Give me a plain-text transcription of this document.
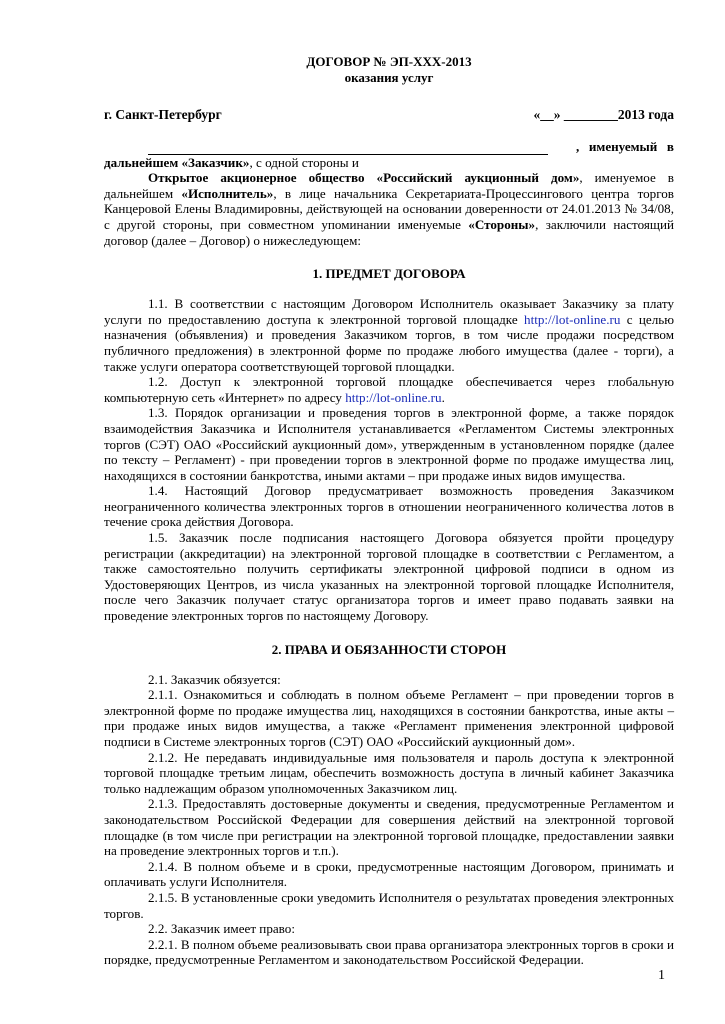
ДОГОВОР № ЭП-XXX-2013
оказания услуг
г. Санкт-Петербург	«__» ________2013 года
, именуемый в

дальнейшем «Заказчик», с одной стороны и

Открытое акционерное общество «Российский аукционный дом», именуемое в дальнейшем «Исполнитель», в лице начальника Секретариата-Процессингового центра торгов Канцеровой Елены Владимировны, действующей на основании доверенности от 24.01.2013 № 34/08, с другой стороны, при совместном упоминании именуемые «Стороны», заключили настоящий договор (далее – Договор) о нижеследующем:

1. ПРЕДМЕТ ДОГОВОРА

1.1. В соответствии с настоящим Договором Исполнитель оказывает Заказчику за плату услуги по предоставлению доступа к электронной торговой площадке http://lot-online.ru с целью назначения (объявления) и проведения Заказчиком торгов, в том числе продажи посредством публичного предложения) в электронной форме по продаже любого имущества (далее - торги), а также услуги оператора соответствующей торговой площадки.

1.2. Доступ к электронной торговой площадке обеспечивается через глобальную компьютерную сеть «Интернет» по адресу http://lot-online.ru.

1.3. Порядок организации и проведения торгов в электронной форме, а также порядок взаимодействия Заказчика и Исполнителя устанавливается «Регламентом Системы электронных торгов (СЭТ) ОАО «Российский аукционный дом», утвержденным в установленном порядке (далее по тексту – Регламент) - при проведении торгов в электронной форме по продаже имущества лиц, находящихся в состоянии банкротства, иными актами – при продаже иных видов имущества.

1.4. Настоящий Договор предусматривает возможность проведения Заказчиком неограниченного количества электронных торгов в отношении неограниченного количества лотов в течение срока действия Договора.

1.5. Заказчик после подписания настоящего Договора обязуется пройти процедуру регистрации (аккредитации) на электронной торговой площадке в соответствии с Регламентом, а также самостоятельно получить сертификаты электронной цифровой подписи в одном из Удостоверяющих Центров, из числа указанных на электронной торговой площадке Исполнителя, после чего Заказчик получает статус организатора торгов и имеет право подавать заявки на проведение электронных торгов по настоящему Договору.

2. ПРАВА И ОБЯЗАННОСТИ СТОРОН

2.1. Заказчик обязуется:

2.1.1. Ознакомиться и соблюдать в полном объеме Регламент – при проведении торгов в электронной форме по продаже имущества лиц, находящихся в состоянии банкротства, иные акты – при продаже иных видов имущества, а также «Регламент применения электронной цифровой подписи в Системе электронных торгов (СЭТ) ОАО «Российский аукционный дом».

2.1.2. Не передавать индивидуальные имя пользователя и пароль доступа к электронной торговой площадке третьим лицам, обеспечить возможность доступа в личный кабинет Заказчика только надлежащим образом уполномоченных Заказчиком лиц.

2.1.3. Предоставлять достоверные документы и сведения, предусмотренные Регламентом и законодательством Российской Федерации для совершения действий на электронной торговой площадке (в том числе при регистрации на электронной торговой площадке, предоставлении заявки на проведение электронных торгов и т.п.).

2.1.4. В полном объеме и в сроки, предусмотренные настоящим Договором, принимать и оплачивать услуги Исполнителя.

2.1.5. В установленные сроки уведомить Исполнителя о результатах проведения электронных торгов.

2.2. Заказчик имеет право:

2.2.1. В полном объеме реализовывать свои права организатора электронных торгов в сроки и порядке, предусмотренные Регламентом и законодательством Российской Федерации.

1
